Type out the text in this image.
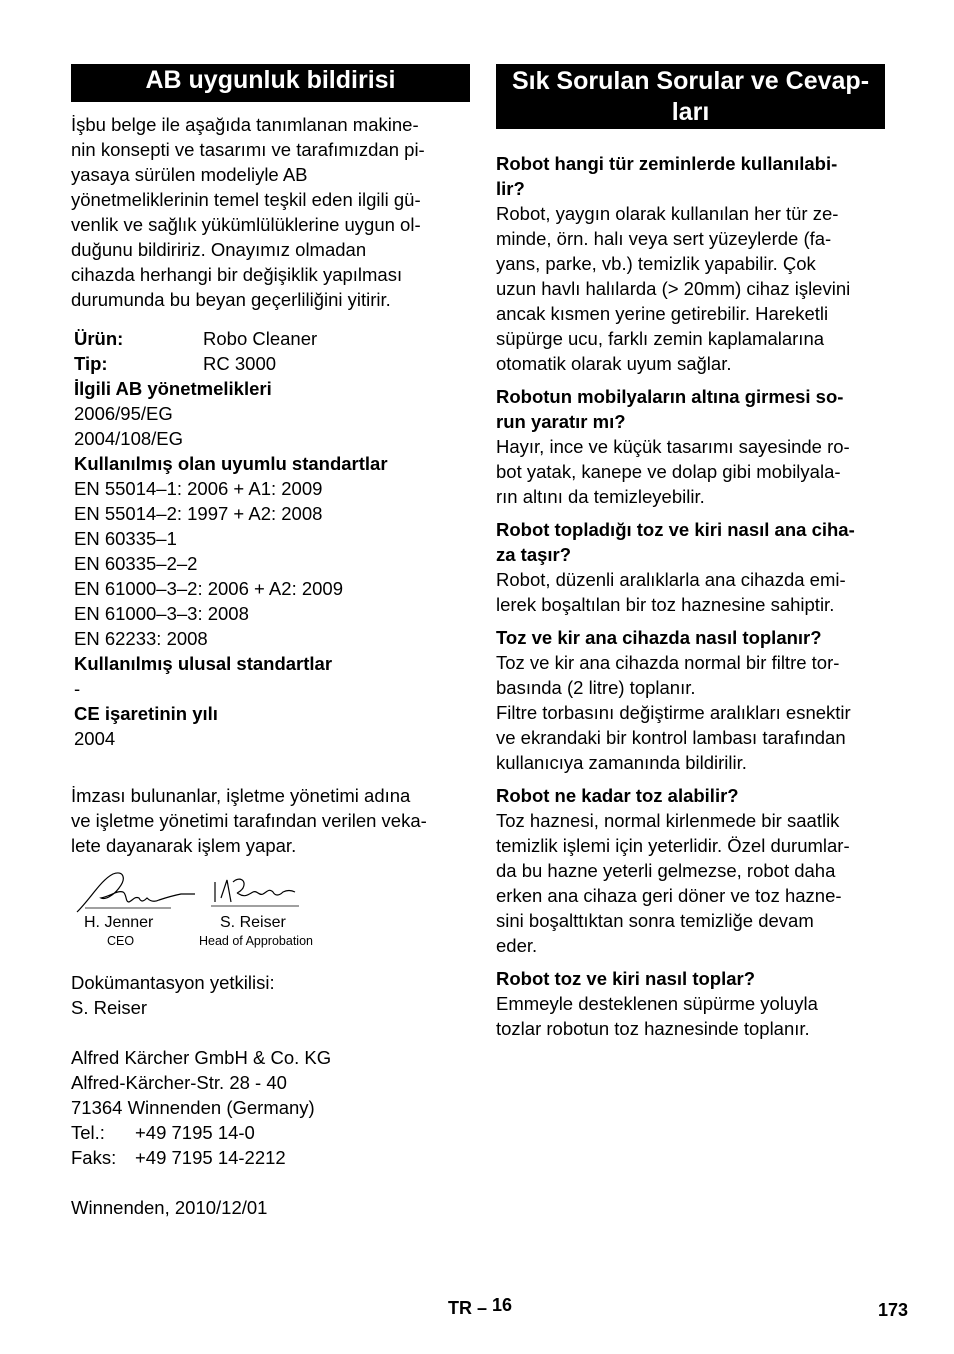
AB uygunluk bildirisi

İşbu belge ile aşağıda tanımlanan makine-

nin konsepti ve tasarımı ve tarafımızdan pi-

yasaya sürülen modeliyle AB

yönetmeliklerinin temel teşkil eden ilgili gü-

venlik ve sağlık yükümlülüklerine uygun ol-

duğunu bildiririz. Onayımız olmadan

cihazda herhangi bir değişiklik yapılması

durumunda bu beyan geçerliliğini yitirir.

Ürün:	Robo Cleaner
Tip:	RC 3000
İlgili AB yönetmelikleri
2006/95/EG
2004/108/EG
Kullanılmış olan uyumlu standartlar
EN 55014–1: 2006 + A1: 2009
EN 55014–2: 1997 + A2: 2008
EN 60335–1
EN 60335–2–2
EN 61000–3–2: 2006 + A2: 2009
EN 61000–3–3: 2008
EN 62233: 2008
Kullanılmış ulusal standartlar
-
CE işaretinin yılı
2004

İmzası bulunanlar, işletme yönetimi adına

ve işletme yönetimi tarafından verilen veka-

lete dayanarak işlem yapar.

H. Jenner
CEO
S. Reiser
Head of Approbation

Dokümantasyon yetkilisi:

S. Reiser

Alfred Kärcher GmbH & Co. KG

Alfred-Kärcher-Str. 28 - 40

71364 Winnenden (Germany)

Tel.:	+49 7195 14-0

Faks:	+49 7195 14-2212

Winnenden, 2010/12/01

Sık Sorulan Sorular ve Cevap-
ları
Robot hangi tür zeminlerde kullanılabi-
lir?

Robot, yaygın olarak kullanılan her tür ze-

minde, örn. halı veya sert yüzeylerde (fa-

yans, parke, vb.) temizlik yapabilir. Çok

uzun havlı halılarda (> 20mm) cihaz işlevini

ancak kısmen yerine getirebilir. Hareketli

süpürge ucu, farklı zemin kaplamalarına

otomatik olarak uyum sağlar.

Robotun mobilyaların altına girmesi so-
run yaratır mı?

Hayır, ince ve küçük tasarımı sayesinde ro-

bot yatak, kanepe ve dolap gibi mobilyala-

rın altını da temizleyebilir.

Robot topladığı toz ve kiri nasıl ana ciha-
za taşır?

Robot, düzenli aralıklarla ana cihazda emi-

lerek boşaltılan bir toz haznesine sahiptir.

Toz ve kir ana cihazda nasıl toplanır?

Toz ve kir ana cihazda normal bir filtre tor-

basında (2 litre) toplanır.

Filtre torbasını değiştirme aralıkları esnektir

ve ekrandaki bir kontrol lambası tarafından

kullanıcıya zamanında bildirilir.

Robot ne kadar toz alabilir?

Toz haznesi, normal kirlenmede bir saatlik

temizlik işlemi için yeterlidir. Özel durumlar-

da bu hazne yeterli gelmezse, robot daha

erken ana cihaza geri döner ve toz hazne-

sini boşalttıktan sonra temizliğe devam

eder.

Robot toz ve kiri nasıl toplar?

Emmeyle desteklenen süpürme yoluyla

tozlar robotun toz haznesinde toplanır.

TR – 16	173
